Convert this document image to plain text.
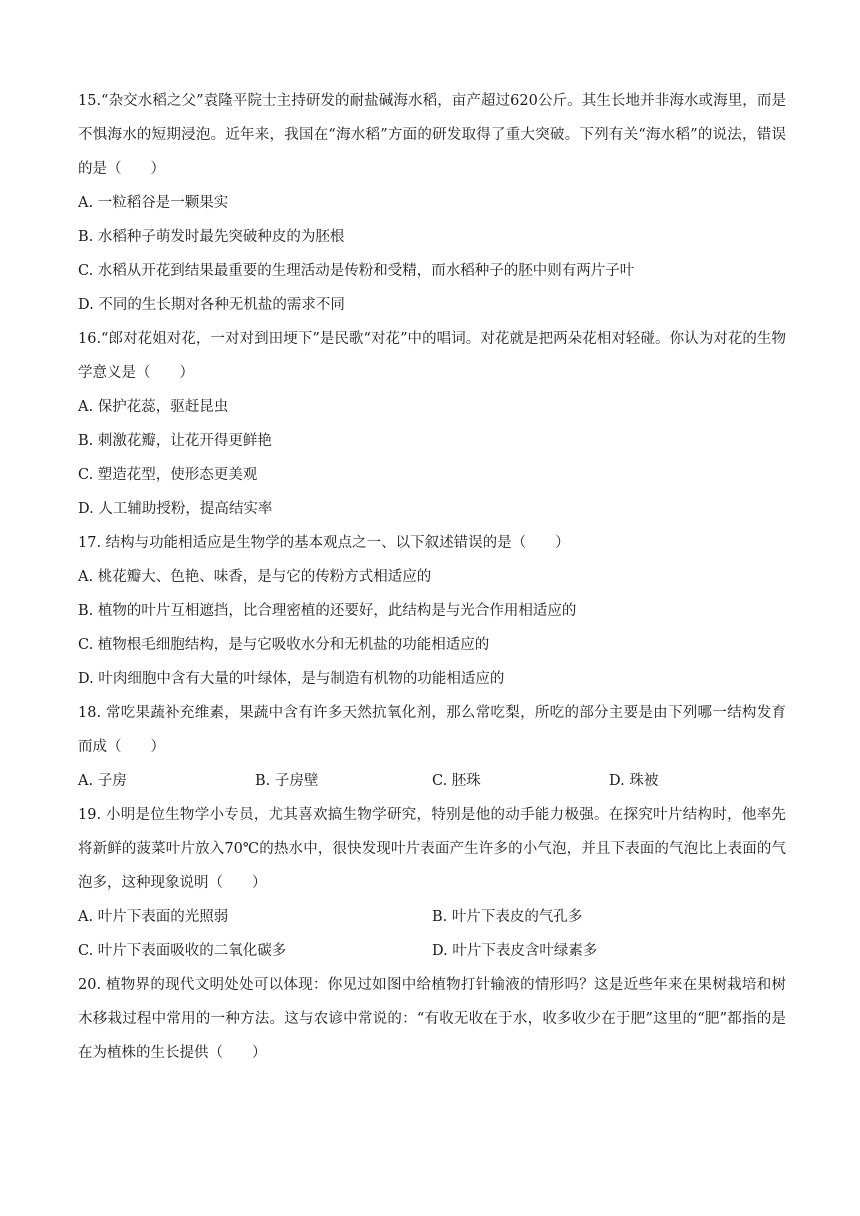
15.“杂交水稻之父”袁隆平院士主持研发的耐盐碱海水稻，亩产超过620公斤。其生长地并非海水或海里，而是不惧海水的短期浸泡。近年来，我国在“海水稻”方面的研发取得了重大突破。下列有关“海水稻”的说法，错误的是（　　）

A. 一粒稻谷是一颗果实

B. 水稻种子萌发时最先突破种皮的为胚根

C. 水稻从开花到结果最重要的生理活动是传粉和受精，而水稻种子的胚中则有两片子叶

D. 不同的生长期对各种无机盐的需求不同

16.“郎对花姐对花，一对对到田埂下”是民歌“对花”中的唱词。对花就是把两朵花相对轻碰。你认为对花的生物学意义是（　　）

A. 保护花蕊，驱赶昆虫

B. 刺激花瓣，让花开得更鲜艳

C. 塑造花型，使形态更美观

D. 人工辅助授粉，提高结实率

17. 结构与功能相适应是生物学的基本观点之一、以下叙述错误的是（　　）

A. 桃花瓣大、色艳、味香，是与它的传粉方式相适应的

B. 植物的叶片互相遮挡，比合理密植的还要好，此结构是与光合作用相适应的

C. 植物根毛细胞结构，是与它吸收水分和无机盐的功能相适应的

D. 叶肉细胞中含有大量的叶绿体，是与制造有机物的功能相适应的

18. 常吃果蔬补充维素，果蔬中含有许多天然抗氧化剂，那么常吃梨，所吃的部分主要是由下列哪一结构发育而成（　　）

A. 子房	B. 子房壁	C. 胚珠	D. 珠被

19. 小明是位生物学小专员，尤其喜欢搞生物学研究，特别是他的动手能力极强。在探究叶片结构时，他率先将新鲜的菠菜叶片放入70℃的热水中，很快发现叶片表面产生许多的小气泡，并且下表面的气泡比上表面的气泡多，这种现象说明（　　）

A. 叶片下表面的光照弱	B. 叶片下表皮的气孔多
C. 叶片下表面吸收的二氧化碳多	D. 叶片下表皮含叶绿素多

20. 植物界的现代文明处处可以体现：你见过如图中给植物打针输液的情形吗？这是近些年来在果树栽培和树木移栽过程中常用的一种方法。这与农谚中常说的：“有收无收在于水，收多收少在于肥”这里的“肥”都指的是在为植株的生长提供（　　）
